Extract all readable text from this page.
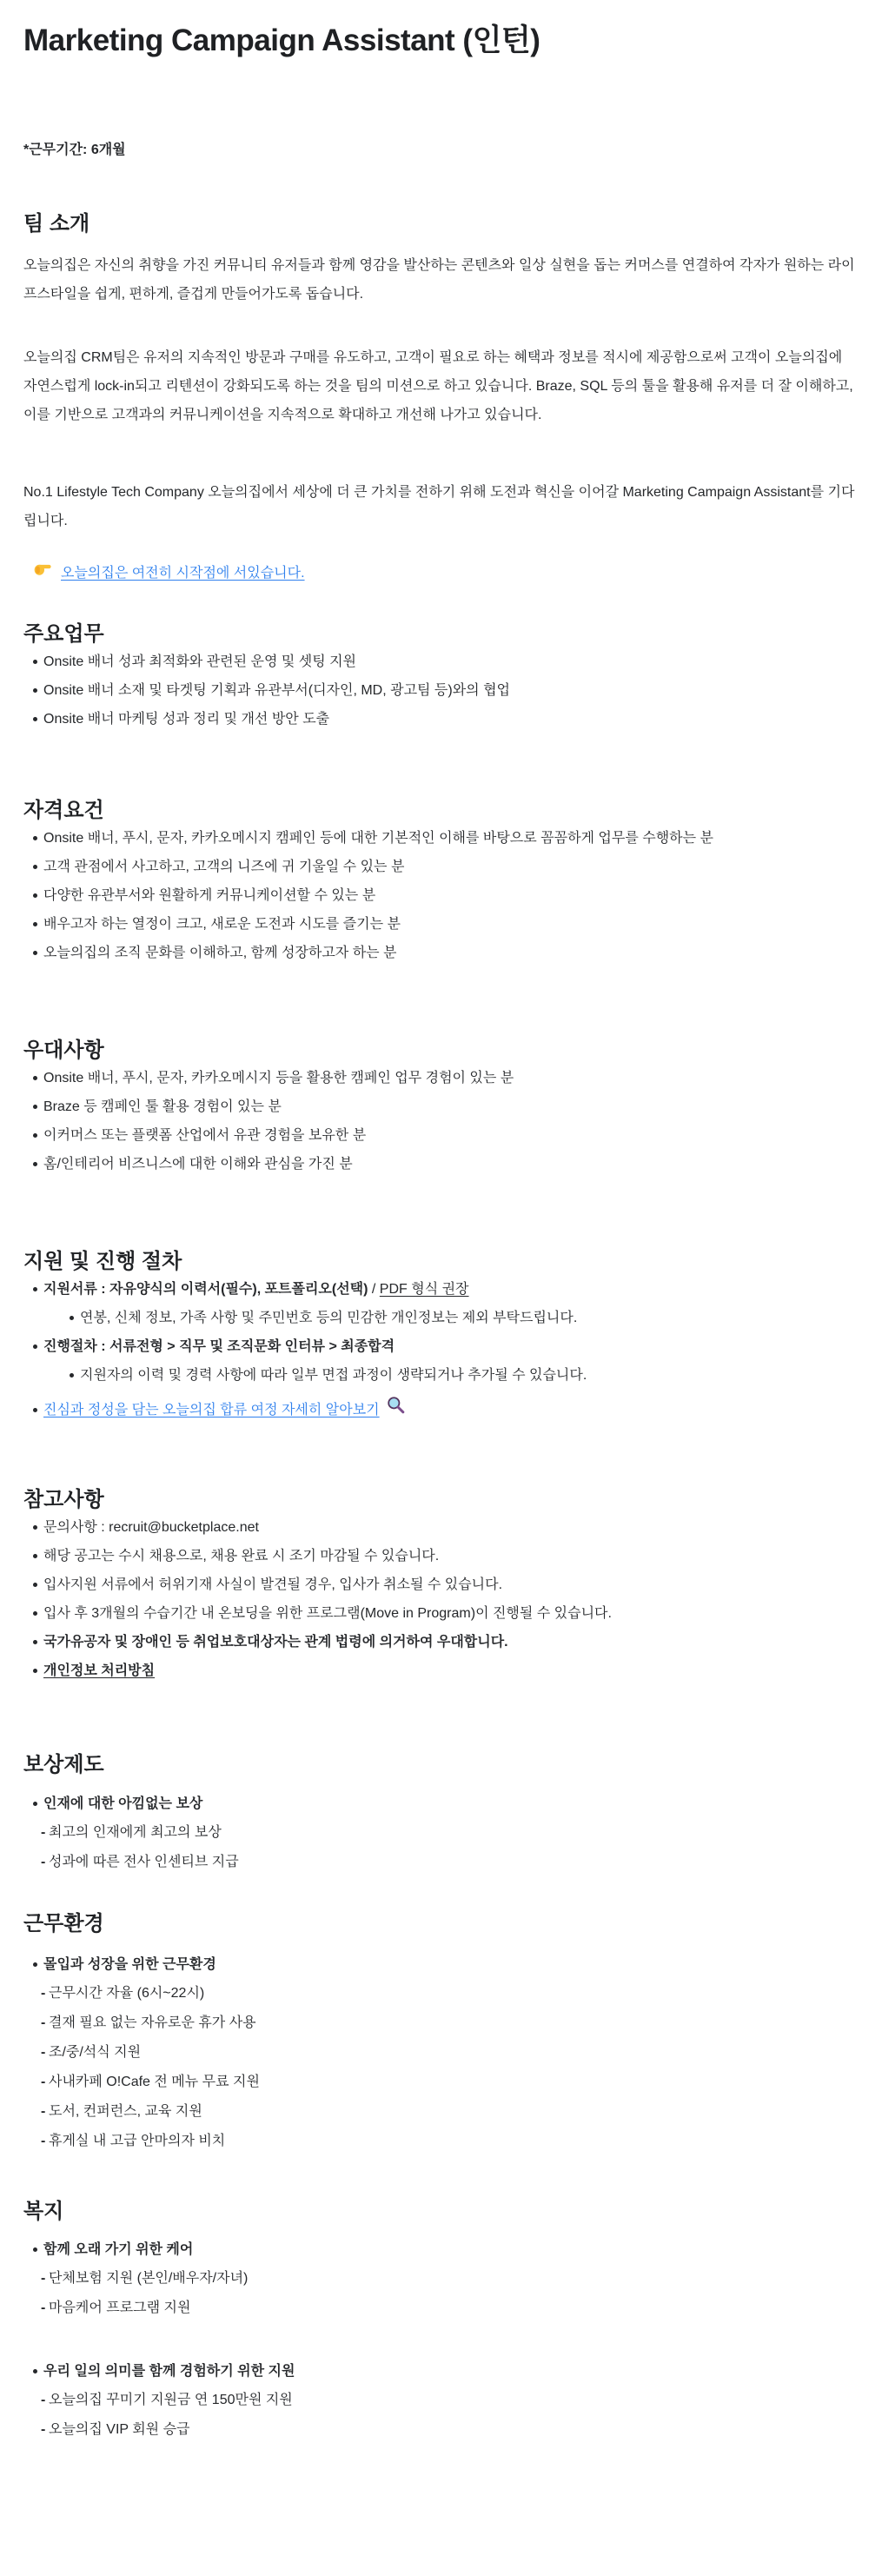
Marketing Campaign Assistant (인턴)

*근무기간: 6개월

팀 소개

오늘의집은 자신의 취향을 가진 커뮤니티 유저들과 함께 영감을 발산하는 콘텐츠와 일상 실현을 돕는 커머스를 연결하여 각자가 원하는 라이프스타일을 쉽게, 편하게, 즐겁게 만들어가도록 돕습니다.

오늘의집 CRM팀은 유저의 지속적인 방문과 구매를 유도하고, 고객이 필요로 하는 혜택과 정보를 적시에 제공함으로써 고객이 오늘의집에 자연스럽게 lock-in되고 리텐션이 강화되도록 하는 것을 팀의 미션으로 하고 있습니다. Braze, SQL 등의 툴을 활용해 유저를 더 잘 이해하고, 이를 기반으로 고객과의 커뮤니케이션을 지속적으로 확대하고 개선해 나가고 있습니다.

No.1 Lifestyle Tech Company 오늘의집에서 세상에 더 큰 가치를 전하기 위해 도전과 혁신을 이어갈 Marketing Campaign Assistant를 기다립니다.

오늘의집은 여전히 시작점에 서있습니다.
주요업무
Onsite 배너 성과 최적화와 관련된 운영 및 셋팅 지원
Onsite 배너 소재 및 타겟팅 기획과 유관부서(디자인, MD, 광고팀 등)와의 협업
Onsite 배너 마케팅 성과 정리 및 개선 방안 도출
자격요건
Onsite 배너, 푸시, 문자, 카카오메시지 캠페인 등에 대한 기본적인 이해를 바탕으로 꼼꼼하게 업무를 수행하는 분
고객 관점에서 사고하고, 고객의 니즈에 귀 기울일 수 있는 분
다양한 유관부서와 원활하게 커뮤니케이션할 수 있는 분
배우고자 하는 열정이 크고, 새로운 도전과 시도를 즐기는 분
오늘의집의 조직 문화를 이해하고, 함께 성장하고자 하는 분
우대사항
Onsite 배너, 푸시, 문자, 카카오메시지 등을 활용한 캠페인 업무 경험이 있는 분
Braze 등 캠페인 툴 활용 경험이 있는 분
이커머스 또는 플랫폼 산업에서 유관 경험을 보유한 분
홈/인테리어 비즈니스에 대한 이해와 관심을 가진 분
지원 및 진행 절차
지원서류 : 자유양식의 이력서(필수), 포트폴리오(선택) / PDF 형식 권장
연봉, 신체 정보, 가족 사항 및 주민번호 등의 민감한 개인정보는 제외 부탁드립니다.
진행절차 : 서류전형 > 직무 및 조직문화 인터뷰 > 최종합격
지원자의 이력 및 경력 사항에 따라 일부 면접 과정이 생략되거나 추가될 수 있습니다.
진심과 정성을 담는 오늘의집 합류 여정 자세히 알아보기
참고사항
문의사항 : recruit@bucketplace.net
해당 공고는 수시 채용으로, 채용 완료 시 조기 마감될 수 있습니다.
입사지원 서류에서 허위기재 사실이 발견될 경우, 입사가 취소될 수 있습니다.
입사 후 3개월의 수습기간 내 온보딩을 위한 프로그램(Move in Program)이 진행될 수 있습니다.
국가유공자 및 장애인 등 취업보호대상자는 관계 법령에 의거하여 우대합니다.
개인정보 처리방침
보상제도
인재에 대한 아낌없는 보상
- 최고의 인재에게 최고의 보상
- 성과에 따른 전사 인센티브 지급
근무환경
몰입과 성장을 위한 근무환경
- 근무시간 자율 (6시~22시)
- 결재 필요 없는 자유로운 휴가 사용
- 조/중/석식 지원
- 사내카페 O!Cafe 전 메뉴 무료 지원
- 도서, 컨퍼런스, 교육 지원
- 휴게실 내 고급 안마의자 비치
복지
함께 오래 가기 위한 케어
- 단체보험 지원 (본인/배우자/자녀)
- 마음케어 프로그램 지원
우리 일의 의미를 함께 경험하기 위한 지원
- 오늘의집 꾸미기 지원금 연 150만원 지원
- 오늘의집 VIP 회원 승급
